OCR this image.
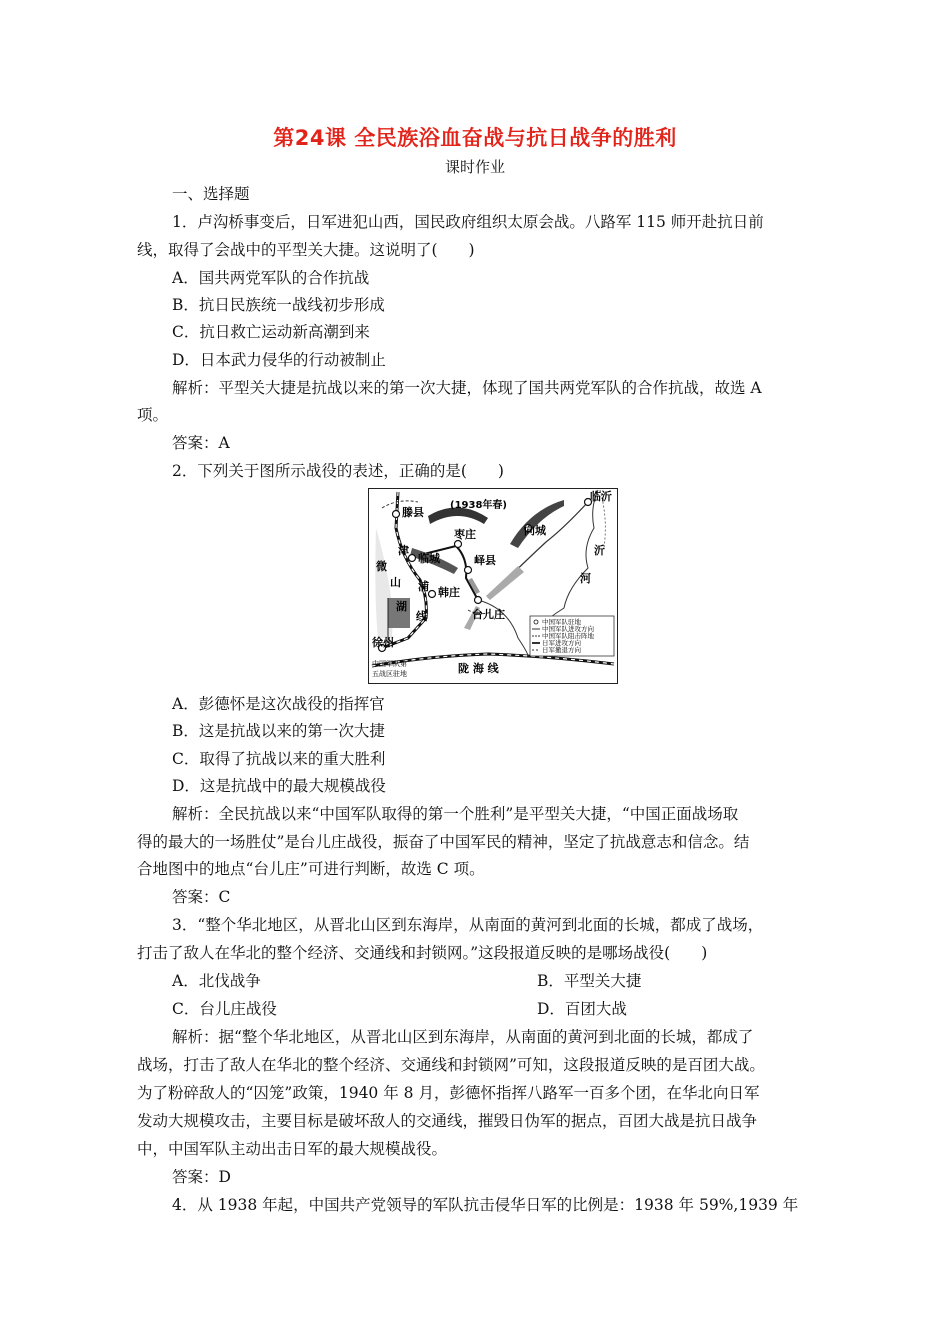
第24课 全民族浴血奋战与抗日战争的胜利
课时作业
一、选择题
1．卢沟桥事变后，日军进犯山西，国民政府组织太原会战。八路军 115 师开赴抗日前
线，取得了会战中的平型关大捷。这说明了(　　)
A．国共两党军队的合作抗战
B．抗日民族统一战线初步形成
C．抗日救亡运动新高潮到来
D．日本武力侵华的行动被制止
解析：平型关大捷是抗战以来的第一次大捷，体现了国共两党军队的合作抗战，故选 A
项。
答案：A
2．下列关于图所示战役的表述，正确的是(　　)
(1938年春)
滕县
枣庄
临沂
峄县
向城
临城
韩庄
台儿庄
徐州
津
浦
线
微
山
湖
沂
河
陇 海 线
中国军队第
五战区驻地
中国军队驻地
中国军队进攻方向
中国军队阻击阵地
日军进攻方向
日军撤退方向
A．彭德怀是这次战役的指挥官
B．这是抗战以来的第一次大捷
C．取得了抗战以来的重大胜利
D．这是抗战中的最大规模战役
解析：全民抗战以来“中国军队取得的第一个胜利”是平型关大捷，“中国正面战场取
得的最大的一场胜仗”是台儿庄战役，振奋了中国军民的精神，坚定了抗战意志和信念。结
合地图中的地点“台儿庄”可进行判断，故选 C 项。
答案：C
3．“整个华北地区，从晋北山区到东海岸，从南面的黄河到北面的长城，都成了战场，
打击了敌人在华北的整个经济、交通线和封锁网。”这段报道反映的是哪场战役(　　)
A．北伐战争	B．平型关大捷
C．台儿庄战役	D．百团大战
解析：据“整个华北地区，从晋北山区到东海岸，从南面的黄河到北面的长城，都成了
战场，打击了敌人在华北的整个经济、交通线和封锁网”可知，这段报道反映的是百团大战。
为了粉碎敌人的“囚笼”政策，1940 年 8 月，彭德怀指挥八路军一百多个团，在华北向日军
发动大规模攻击，主要目标是破坏敌人的交通线，摧毁日伪军的据点，百团大战是抗日战争
中，中国军队主动出击日军的最大规模战役。
答案：D
4．从 1938 年起，中国共产党领导的军队抗击侵华日军的比例是：1938 年 59%,1939 年
